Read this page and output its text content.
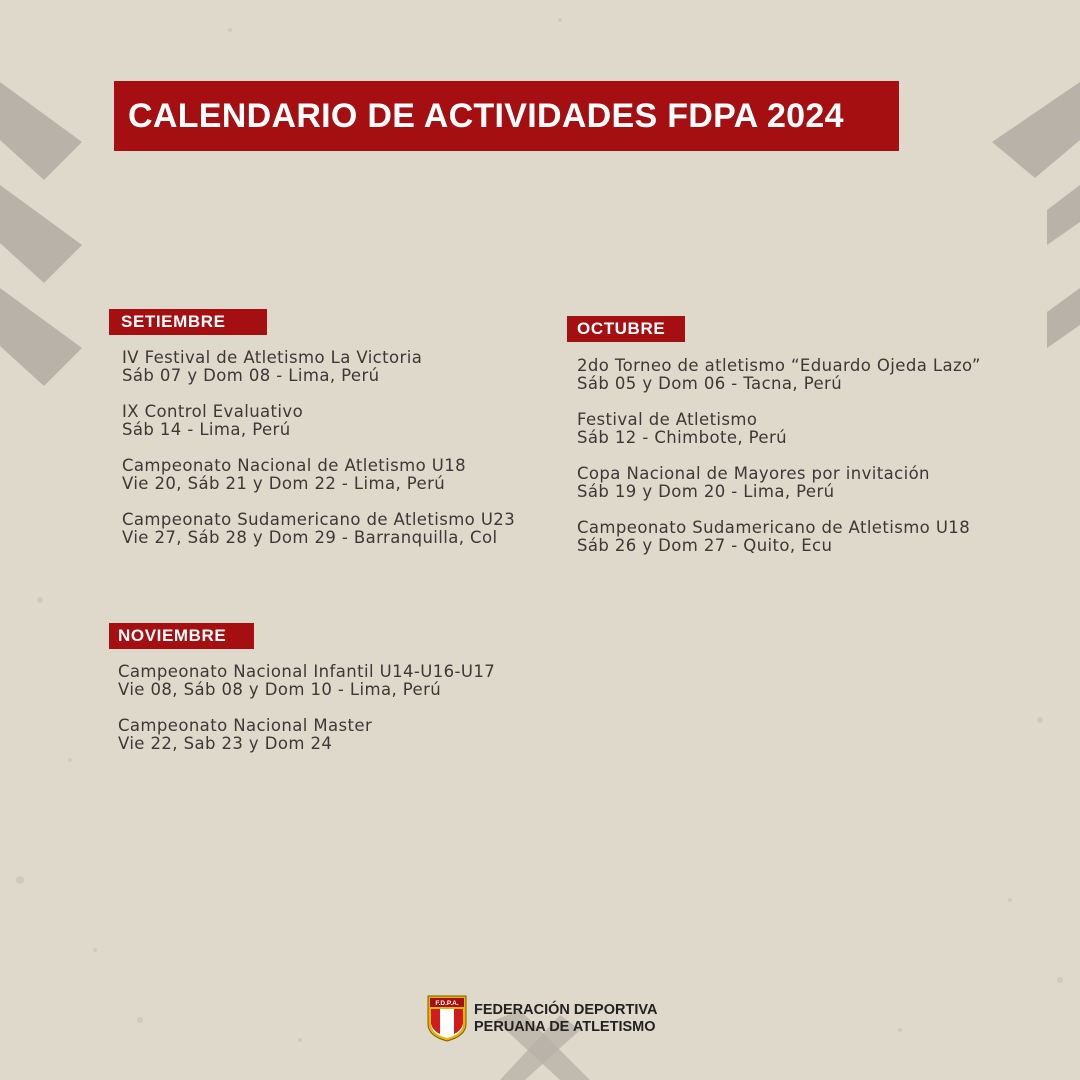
CALENDARIO DE ACTIVIDADES FDPA 2024
SETIEMBRE
IV Festival de Atletismo La Victoria
Sáb 07 y Dom 08 - Lima, Perú
IX Control Evaluativo
Sáb 14 - Lima, Perú
Campeonato Nacional de Atletismo U18
Vie 20, Sáb 21 y Dom 22 - Lima, Perú
Campeonato Sudamericano de Atletismo U23
Vie 27, Sáb 28 y Dom 29 - Barranquilla, Col
OCTUBRE
2do Torneo de atletismo “Eduardo Ojeda Lazo”
Sáb 05 y Dom 06 - Tacna, Perú
Festival de Atletismo
Sáb 12 - Chimbote, Perú
Copa Nacional de Mayores por invitación
Sáb 19 y Dom 20 - Lima, Perú
Campeonato Sudamericano de Atletismo U18
Sáb 26 y Dom 27 - Quito, Ecu
NOVIEMBRE
Campeonato Nacional Infantil U14-U16-U17
Vie 08, Sáb 08 y Dom 10 - Lima, Perú
Campeonato Nacional Master
Vie 22, Sab 23 y Dom 24
F.D.P.A. FEDERACIÓN DEPORTIVA
PERUANA DE ATLETISMO
